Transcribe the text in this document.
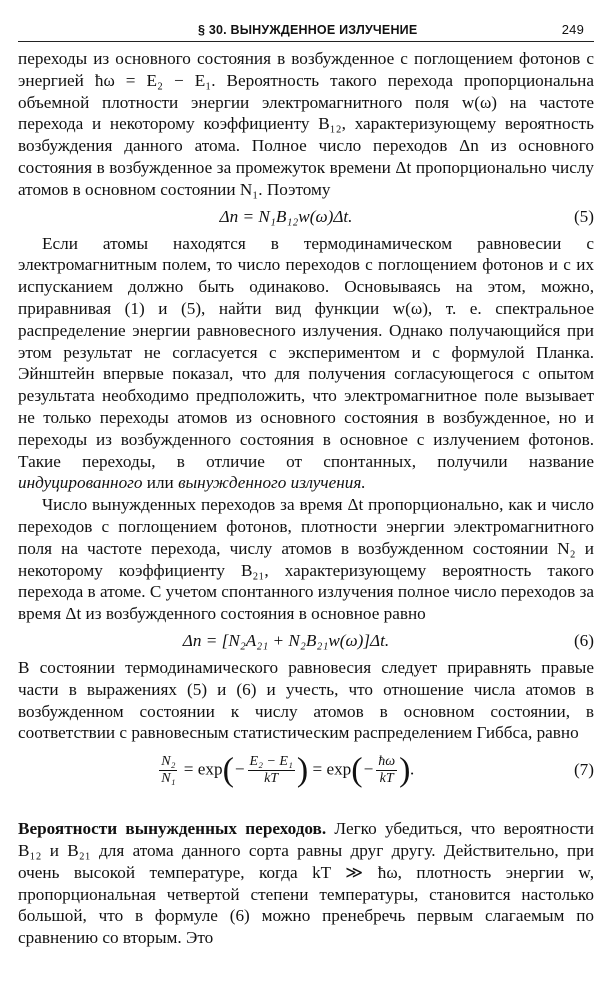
§ 30. ВЫНУЖДЕННОЕ ИЗЛУЧЕНИЕ	249

переходы из основного состояния в возбужденное с поглощением фотонов с энергией ħω = E₂ − E₁. Вероятность такого перехода пропорциональна объемной плотности энергии электромагнитного поля w(ω) на частоте перехода и некоторому коэффициенту B₁₂, характеризующему вероятность возбуждения данного атома. Полное число переходов Δn из основного состояния в возбужденное за промежуток времени Δt пропорционально числу атомов в основном состоянии N₁. Поэтому

Δn = N₁B₁₂w(ω)Δt.	(5)

Если атомы находятся в термодинамическом равновесии с электромагнитным полем, то число переходов с поглощением фотонов и с их испусканием должно быть одинаково. Основываясь на этом, можно, приравнивая (1) и (5), найти вид функции w(ω), т. е. спектральное распределение энергии равновесного излучения. Однако получающийся при этом результат не согласуется с экспериментом и с формулой Планка. Эйнштейн впервые показал, что для получения согласующегося с опытом результата необходимо предположить, что электромагнитное поле вызывает не только переходы атомов из основного состояния в возбужденное, но и переходы из возбужденного состояния в основное с излучением фотонов. Такие переходы, в отличие от спонтанных, получили название индуцированного или вынужденного излучения.

Число вынужденных переходов за время Δt пропорционально, как и число переходов с поглощением фотонов, плотности энергии электромагнитного поля на частоте перехода, числу атомов в возбужденном состоянии N₂ и некоторому коэффициенту B₂₁, характеризующему вероятность такого перехода в атоме. С учетом спонтанного излучения полное число переходов за время Δt из возбужденного состояния в основное равно

Δn = [N₂A₂₁ + N₂B₂₁w(ω)]Δt.	(6)

В состоянии термодинамического равновесия следует приравнять правые части в выражениях (5) и (6) и учесть, что отношение числа атомов в возбужденном состоянии к числу атомов в основном состоянии, в соответствии с равновесным статистическим распределением Гиббса, равно

$\frac{\text{N₂}}{\text{N₁}} = \exp(- \frac{\text{E₂ − E₁}}{kT}$ ) = $\exp(- \frac{ħ\omega}{kT}$ ).	(7)

Вероятности вынужденных переходов. Легко убедиться, что вероятности B₁₂ и B₂₁ для атома данного сорта равны друг другу. Действительно, при очень высокой температуре, когда kT ≫ ħω, плотность энергии w, пропорциональная четвертой степени температуры, становится настолько большой, что в формуле (6) можно пренебречь первым слагаемым по сравнению со вторым. Это
